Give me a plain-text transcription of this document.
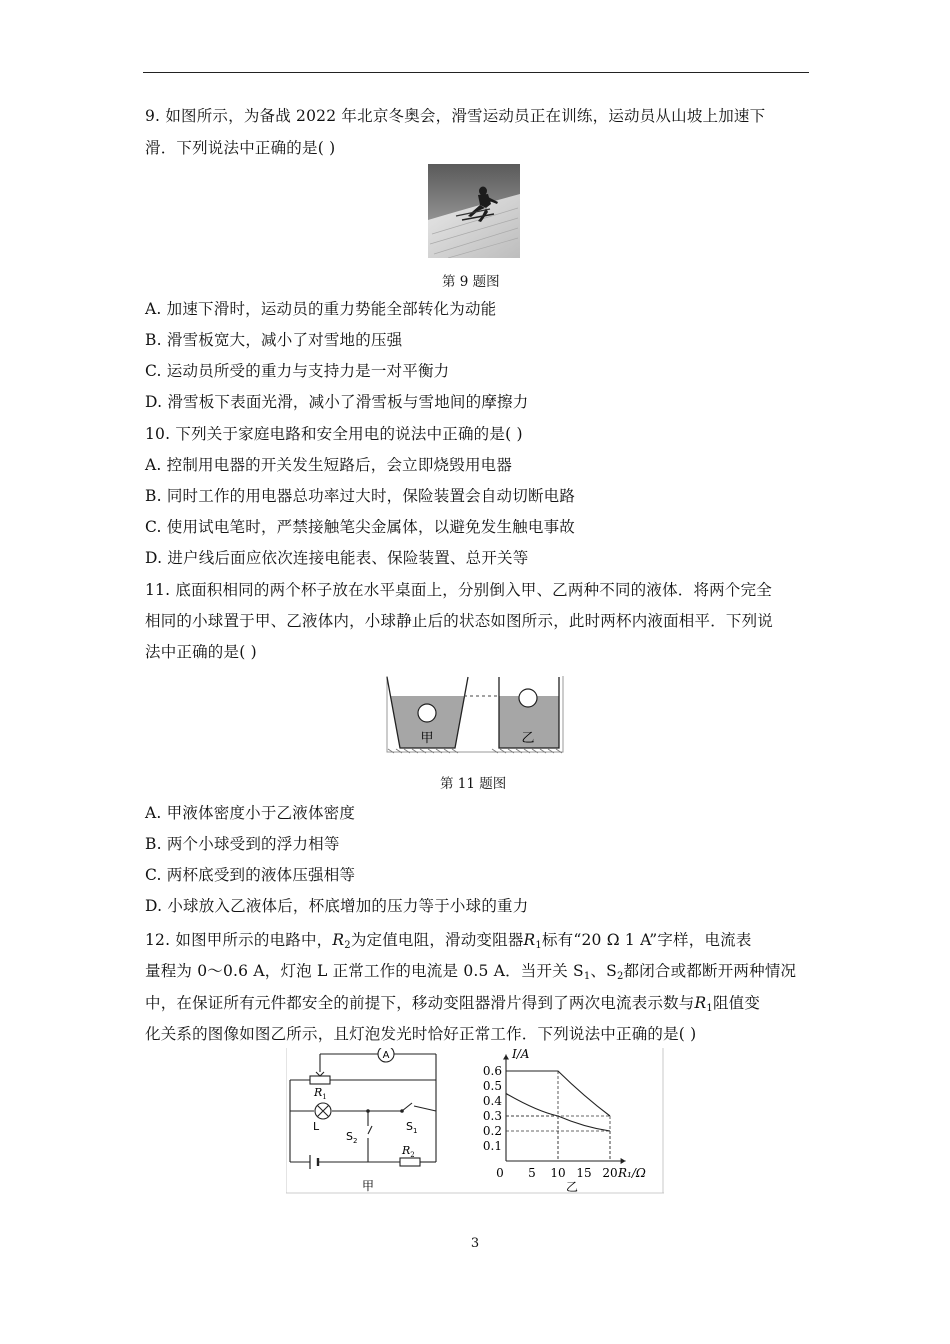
9. 如图所示，为备战 2022 年北京冬奥会，滑雪运动员正在训练，运动员从山坡上加速下
滑．下列说法中正确的是( )
第 9 题图
A. 加速下滑时，运动员的重力势能全部转化为动能
B. 滑雪板宽大，减小了对雪地的压强
C. 运动员所受的重力与支持力是一对平衡力
D. 滑雪板下表面光滑，减小了滑雪板与雪地间的摩擦力
10. 下列关于家庭电路和安全用电的说法中正确的是( )
A. 控制用电器的开关发生短路后，会立即烧毁用电器
B. 同时工作的用电器总功率过大时，保险装置会自动切断电路
C. 使用试电笔时，严禁接触笔尖金属体，以避免发生触电事故
D. 进户线后面应依次连接电能表、保险装置、总开关等
11. 底面积相同的两个杯子放在水平桌面上，分别倒入甲、乙两种不同的液体．将两个完全
相同的小球置于甲、乙液体内，小球静止后的状态如图所示，此时两杯内液面相平．下列说
法中正确的是( )
甲	乙
第 11 题图
A. 甲液体密度小于乙液体密度
B. 两个小球受到的浮力相等
C. 两杯底受到的液体压强相等
D. 小球放入乙液体后，杯底增加的压力等于小球的重力
12. 如图甲所示的电路中，$R_2$为定值电阻，滑动变阻器$R_1$标有“20 Ω 1 A”字样，电流表
量程为 0～0.6 A，灯泡 L 正常工作的电流是 0.5 A．当开关 $S_1$、$S_2$都闭合或都断开两种情况
中，在保证所有元件都安全的前提下，移动变阻器滑片得到了两次电流表示数与$R_1$阻值变
化关系的图像如图乙所示，且灯泡发光时恰好正常工作．下列说法中正确的是( )
A
$R_1$
L	$S_1$
$S_2$
$R_2$
甲
0.1
0.2
0.3
0.4
0.5
0.6
5 10 15 20
0
I/A
R₁/Ω
乙
3
